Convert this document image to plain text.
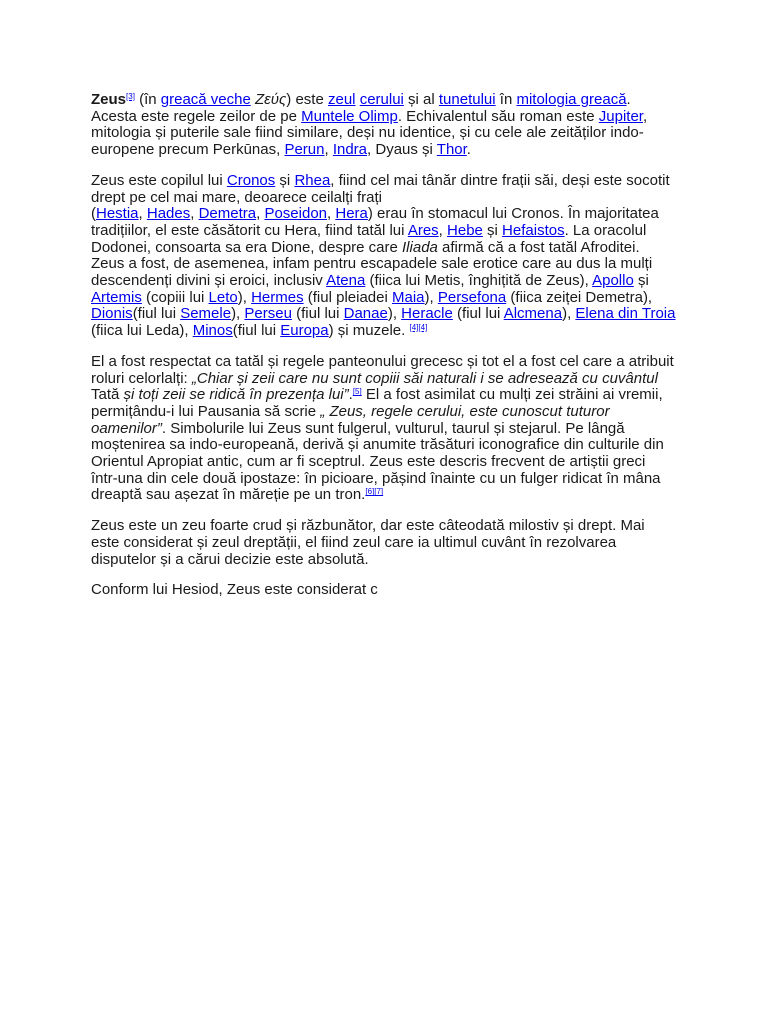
Zeus[3] (în greacă veche Ζεύς) este zeul cerului și al tunetului în mitologia greacă. Acesta este regele zeilor de pe Muntele Olimp. Echivalentul său roman este Jupiter, mitologia și puterile sale fiind similare, deși nu identice, și cu cele ale zeităților indo-europene precum Perkūnas, Perun, Indra, Dyaus și Thor.

Zeus este copilul lui Cronos și Rhea, fiind cel mai tânăr dintre frații săi, deși este socotit drept pe cel mai mare, deoarece ceilalți frați
(Hestia, Hades, Demetra, Poseidon, Hera) erau în stomacul lui Cronos. În majoritatea tradițiilor, el este căsătorit cu Hera, fiind tatăl lui Ares, Hebe și Hefaistos. La oracolul Dodonei, consoarta sa era Dione, despre care Iliada afirmă că a fost tatăl Afroditei. Zeus a fost, de asemenea, infam pentru escapadele sale erotice care au dus la mulți descendenți divini și eroici, inclusiv Atena (fiica lui Metis, înghițită de Zeus), Apollo și Artemis (copiii lui Leto), Hermes (fiul pleiadei Maia), Persefona (fiica zeiței Demetra), Dionis(fiul lui Semele), Perseu (fiul lui Danae), Heracle (fiul lui Alcmena), Elena din Troia (fiica lui Leda), Minos(fiul lui Europa) și muzele. [4][4]

El a fost respectat ca tatăl și regele panteonului grecesc și tot el a fost cel care a atribuit roluri celorlalți: „Chiar și zeii care nu sunt copiii săi naturali i se adresează cu cuvântul Tată și toți zeii se ridică în prezența lui”.[5] El a fost asimilat cu mulți zei străini ai vremii, permițându-i lui Pausania să scrie „ Zeus, regele cerului, este cunoscut tuturor oamenilor”. Simbolurile lui Zeus sunt fulgerul, vulturul, taurul și stejarul. Pe lângă moștenirea sa indo-europeană, derivă și anumite trăsături iconografice din culturile din Orientul Apropiat antic, cum ar fi sceptrul. Zeus este descris frecvent de artiștii greci într-una din cele două ipostaze: în picioare, pășind înainte cu un fulger ridicat în mâna dreaptă sau așezat în măreție pe un tron.[6][7]

Zeus este un zeu foarte crud și răzbunător, dar este câteodată milostiv și drept. Mai este considerat și zeul dreptății, el fiind zeul care ia ultimul cuvânt în rezolvarea disputelor și a cărui decizie este absolută.

Conform lui Hesiod, Zeus este considerat c
